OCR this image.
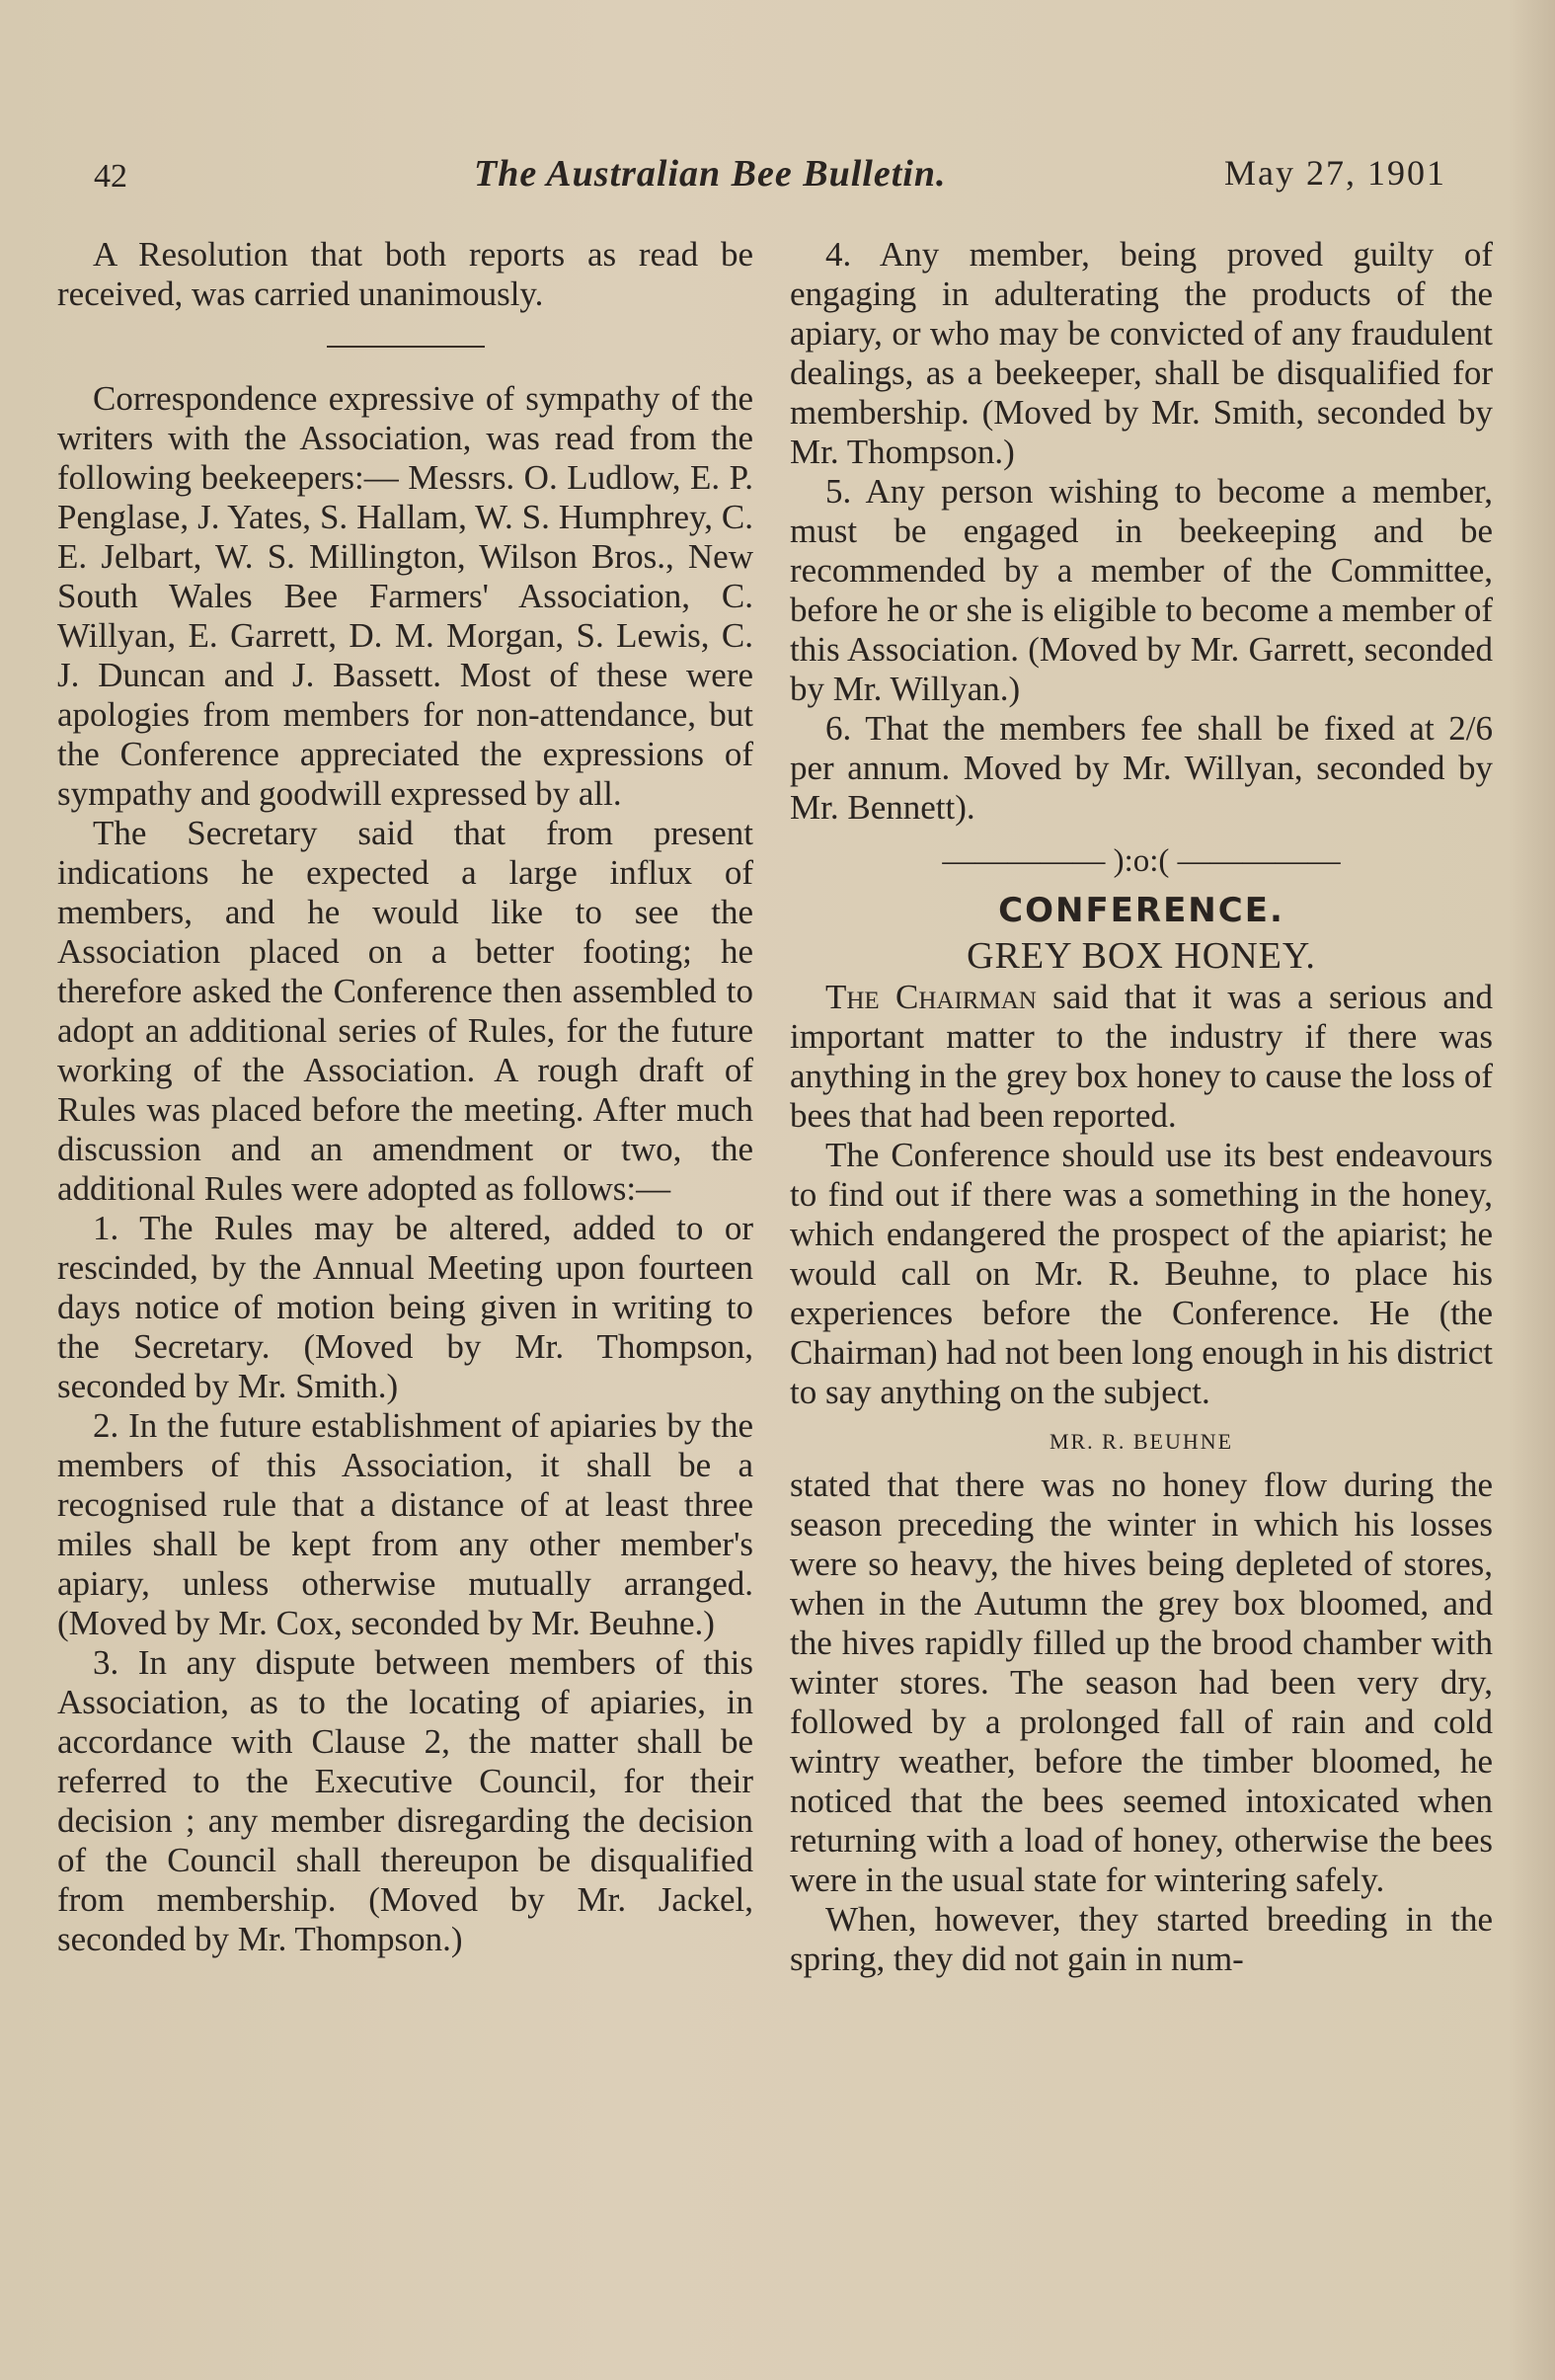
42	The Australian Bee Bulletin.	May 27, 1901

A Resolution that both reports as read be received, was carried unanimously.

Correspondence expressive of sympathy of the writers with the Association, was read from the following beekeepers:— Messrs. O. Ludlow, E. P. Penglase, J. Yates, S. Hallam, W. S. Humphrey, C. E. Jelbart, W. S. Millington, Wilson Bros., New South Wales Bee Farmers' Association, C. Willyan, E. Garrett, D. M. Morgan, S. Lewis, C. J. Duncan and J. Bassett. Most of these were apologies from members for non-attendance, but the Conference appreciated the expressions of sympathy and goodwill expressed by all.

The Secretary said that from present indications he expected a large influx of members, and he would like to see the Association placed on a better footing; he therefore asked the Conference then assembled to adopt an additional series of Rules, for the future working of the Association. A rough draft of Rules was placed before the meeting. After much discussion and an amendment or two, the additional Rules were adopted as follows:—

1. The Rules may be altered, added to or rescinded, by the Annual Meeting upon fourteen days notice of motion being given in writing to the Secretary. (Moved by Mr. Thompson, seconded by Mr. Smith.)

2. In the future establishment of apiaries by the members of this Association, it shall be a recognised rule that a distance of at least three miles shall be kept from any other member's apiary, unless otherwise mutually arranged. (Moved by Mr. Cox, seconded by Mr. Beuhne.)

3. In any dispute between members of this Association, as to the locating of apiaries, in accordance with Clause 2, the matter shall be referred to the Executive Council, for their decision ; any member disregarding the decision of the Council shall thereupon be disqualified from membership. (Moved by Mr. Jackel, seconded by Mr. Thompson.)

4. Any member, being proved guilty of engaging in adulterating the products of the apiary, or who may be convicted of any fraudulent dealings, as a beekeeper, shall be disqualified for membership. (Moved by Mr. Smith, seconded by Mr. Thompson.)

5. Any person wishing to become a member, must be engaged in beekeeping and be recommended by a member of the Committee, before he or she is eligible to become a member of this Association. (Moved by Mr. Garrett, seconded by Mr. Willyan.)

6. That the members fee shall be fixed at 2/6 per annum. Moved by Mr. Willyan, seconded by Mr. Bennett).

————— ):o:( —————
CONFERENCE.
GREY BOX HONEY.

The Chairman said that it was a serious and important matter to the industry if there was anything in the grey box honey to cause the loss of bees that had been reported.

The Conference should use its best endeavours to find out if there was a something in the honey, which endangered the prospect of the apiarist; he would call on Mr. R. Beuhne, to place his experiences before the Conference. He (the Chairman) had not been long enough in his district to say anything on the subject.

MR. R. BEUHNE

stated that there was no honey flow during the season preceding the winter in which his losses were so heavy, the hives being depleted of stores, when in the Autumn the grey box bloomed, and the hives rapidly filled up the brood chamber with winter stores. The season had been very dry, followed by a prolonged fall of rain and cold wintry weather, before the timber bloomed, he noticed that the bees seemed intoxicated when returning with a load of honey, otherwise the bees were in the usual state for wintering safely.

When, however, they started breeding in the spring, they did not gain in num-
